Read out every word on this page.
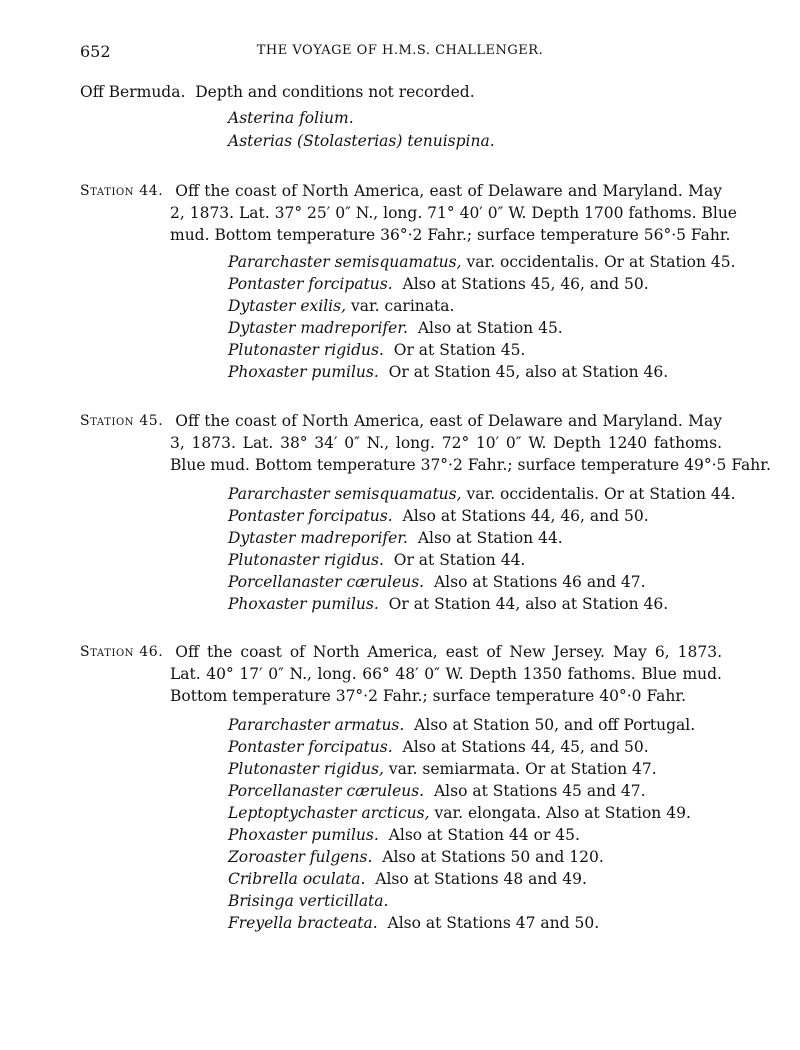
652	THE VOYAGE OF H.M.S. CHALLENGER.
Off Bermuda. Depth and conditions not recorded.
Asterina folium.
Asterias (Stolasterias) tenuispina.
Station 44. Off the coast of North America, east of Delaware and Maryland. May
2, 1873. Lat. 37° 25′ 0″ N., long. 71° 40′ 0″ W. Depth 1700 fathoms. Blue
mud. Bottom temperature 36°·2 Fahr.; surface temperature 56°·5 Fahr.
Pararchaster semisquamatus, var. occidentalis. Or at Station 45.
Pontaster forcipatus. Also at Stations 45, 46, and 50.
Dytaster exilis, var. carinata.
Dytaster madreporifer. Also at Station 45.
Plutonaster rigidus. Or at Station 45.
Phoxaster pumilus. Or at Station 45, also at Station 46.
Station 45. Off the coast of North America, east of Delaware and Maryland. May
3, 1873. Lat. 38° 34′ 0″ N., long. 72° 10′ 0″ W. Depth 1240 fathoms.
Blue mud. Bottom temperature 37°·2 Fahr.; surface temperature 49°·5 Fahr.
Pararchaster semisquamatus, var. occidentalis. Or at Station 44.
Pontaster forcipatus. Also at Stations 44, 46, and 50.
Dytaster madreporifer. Also at Station 44.
Plutonaster rigidus. Or at Station 44.
Porcellanaster cæruleus. Also at Stations 46 and 47.
Phoxaster pumilus. Or at Station 44, also at Station 46.
Station 46. Off the coast of North America, east of New Jersey. May 6, 1873.
Lat. 40° 17′ 0″ N., long. 66° 48′ 0″ W. Depth 1350 fathoms. Blue mud.
Bottom temperature 37°·2 Fahr.; surface temperature 40°·0 Fahr.
Pararchaster armatus. Also at Station 50, and off Portugal.
Pontaster forcipatus. Also at Stations 44, 45, and 50.
Plutonaster rigidus, var. semiarmata. Or at Station 47.
Porcellanaster cæruleus. Also at Stations 45 and 47.
Leptoptychaster arcticus, var. elongata. Also at Station 49.
Phoxaster pumilus. Also at Station 44 or 45.
Zoroaster fulgens. Also at Stations 50 and 120.
Cribrella oculata. Also at Stations 48 and 49.
Brisinga verticillata.
Freyella bracteata. Also at Stations 47 and 50.
